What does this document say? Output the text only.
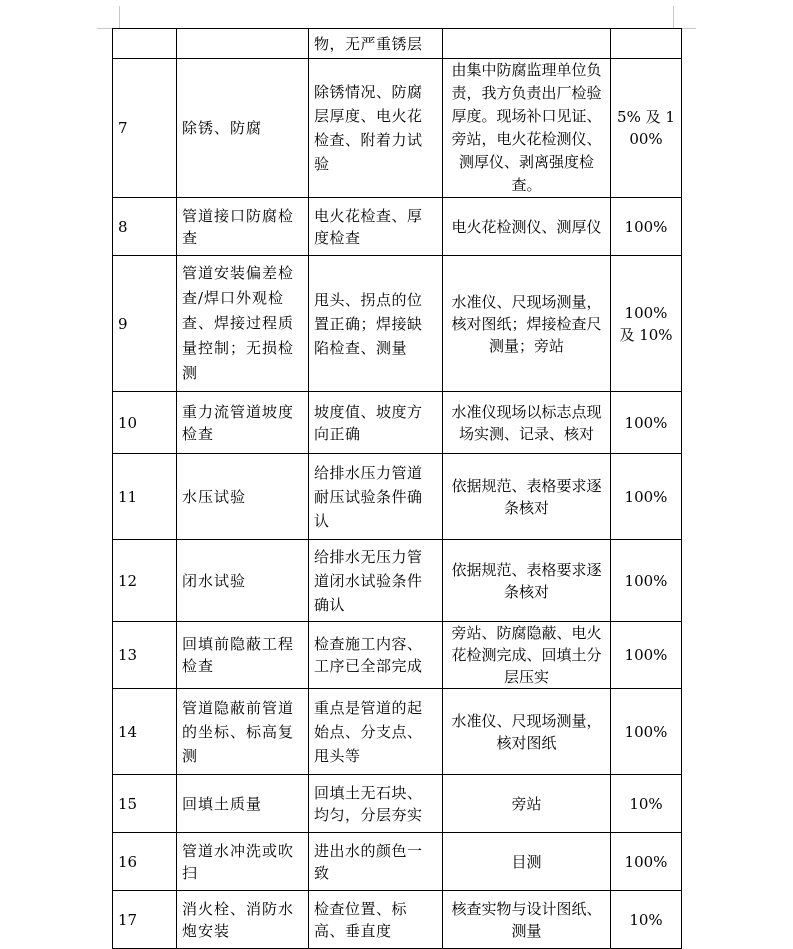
		物，无严重锈层		
7	除锈、防腐	除锈情况、防腐层厚度、电火花检查、附着力试验	由集中防腐监理单位负责，我方负责出厂检验厚度。现场补口见证、旁站，电火花检测仪、测厚仪、剥离强度检查。	5% 及 100%
8	管道接口防腐检查	电火花检查、厚度检查	电火花检测仪、测厚仪	100%
9	管道安装偏差检查/焊口外观检查、焊接过程质量控制；无损检测	甩头、拐点的位置正确；焊接缺陷检查、测量	水准仪、尺现场测量，核对图纸；焊接检查尺测量；旁站	100% 及 10%
10	重力流管道坡度检查	坡度值、坡度方向正确	水准仪现场以标志点现场实测、记录、核对	100%
11	水压试验	给排水压力管道耐压试验条件确认	依据规范、表格要求逐条核对	100%
12	闭水试验	给排水无压力管道闭水试验条件确认	依据规范、表格要求逐条核对	100%
13	回填前隐蔽工程检查	检查施工内容、工序已全部完成	旁站、防腐隐蔽、电火花检测完成、回填土分层压实	100%
14	管道隐蔽前管道的坐标、标高复测	重点是管道的起始点、分支点、甩头等	水准仪、尺现场测量，核对图纸	100%
15	回填土质量	回填土无石块、均匀，分层夯实	旁站	10%
16	管道水冲洗或吹扫	进出水的颜色一致	目测	100%
17	消火栓、消防水炮安装	检查位置、标高、垂直度	核查实物与设计图纸、测量	10%
